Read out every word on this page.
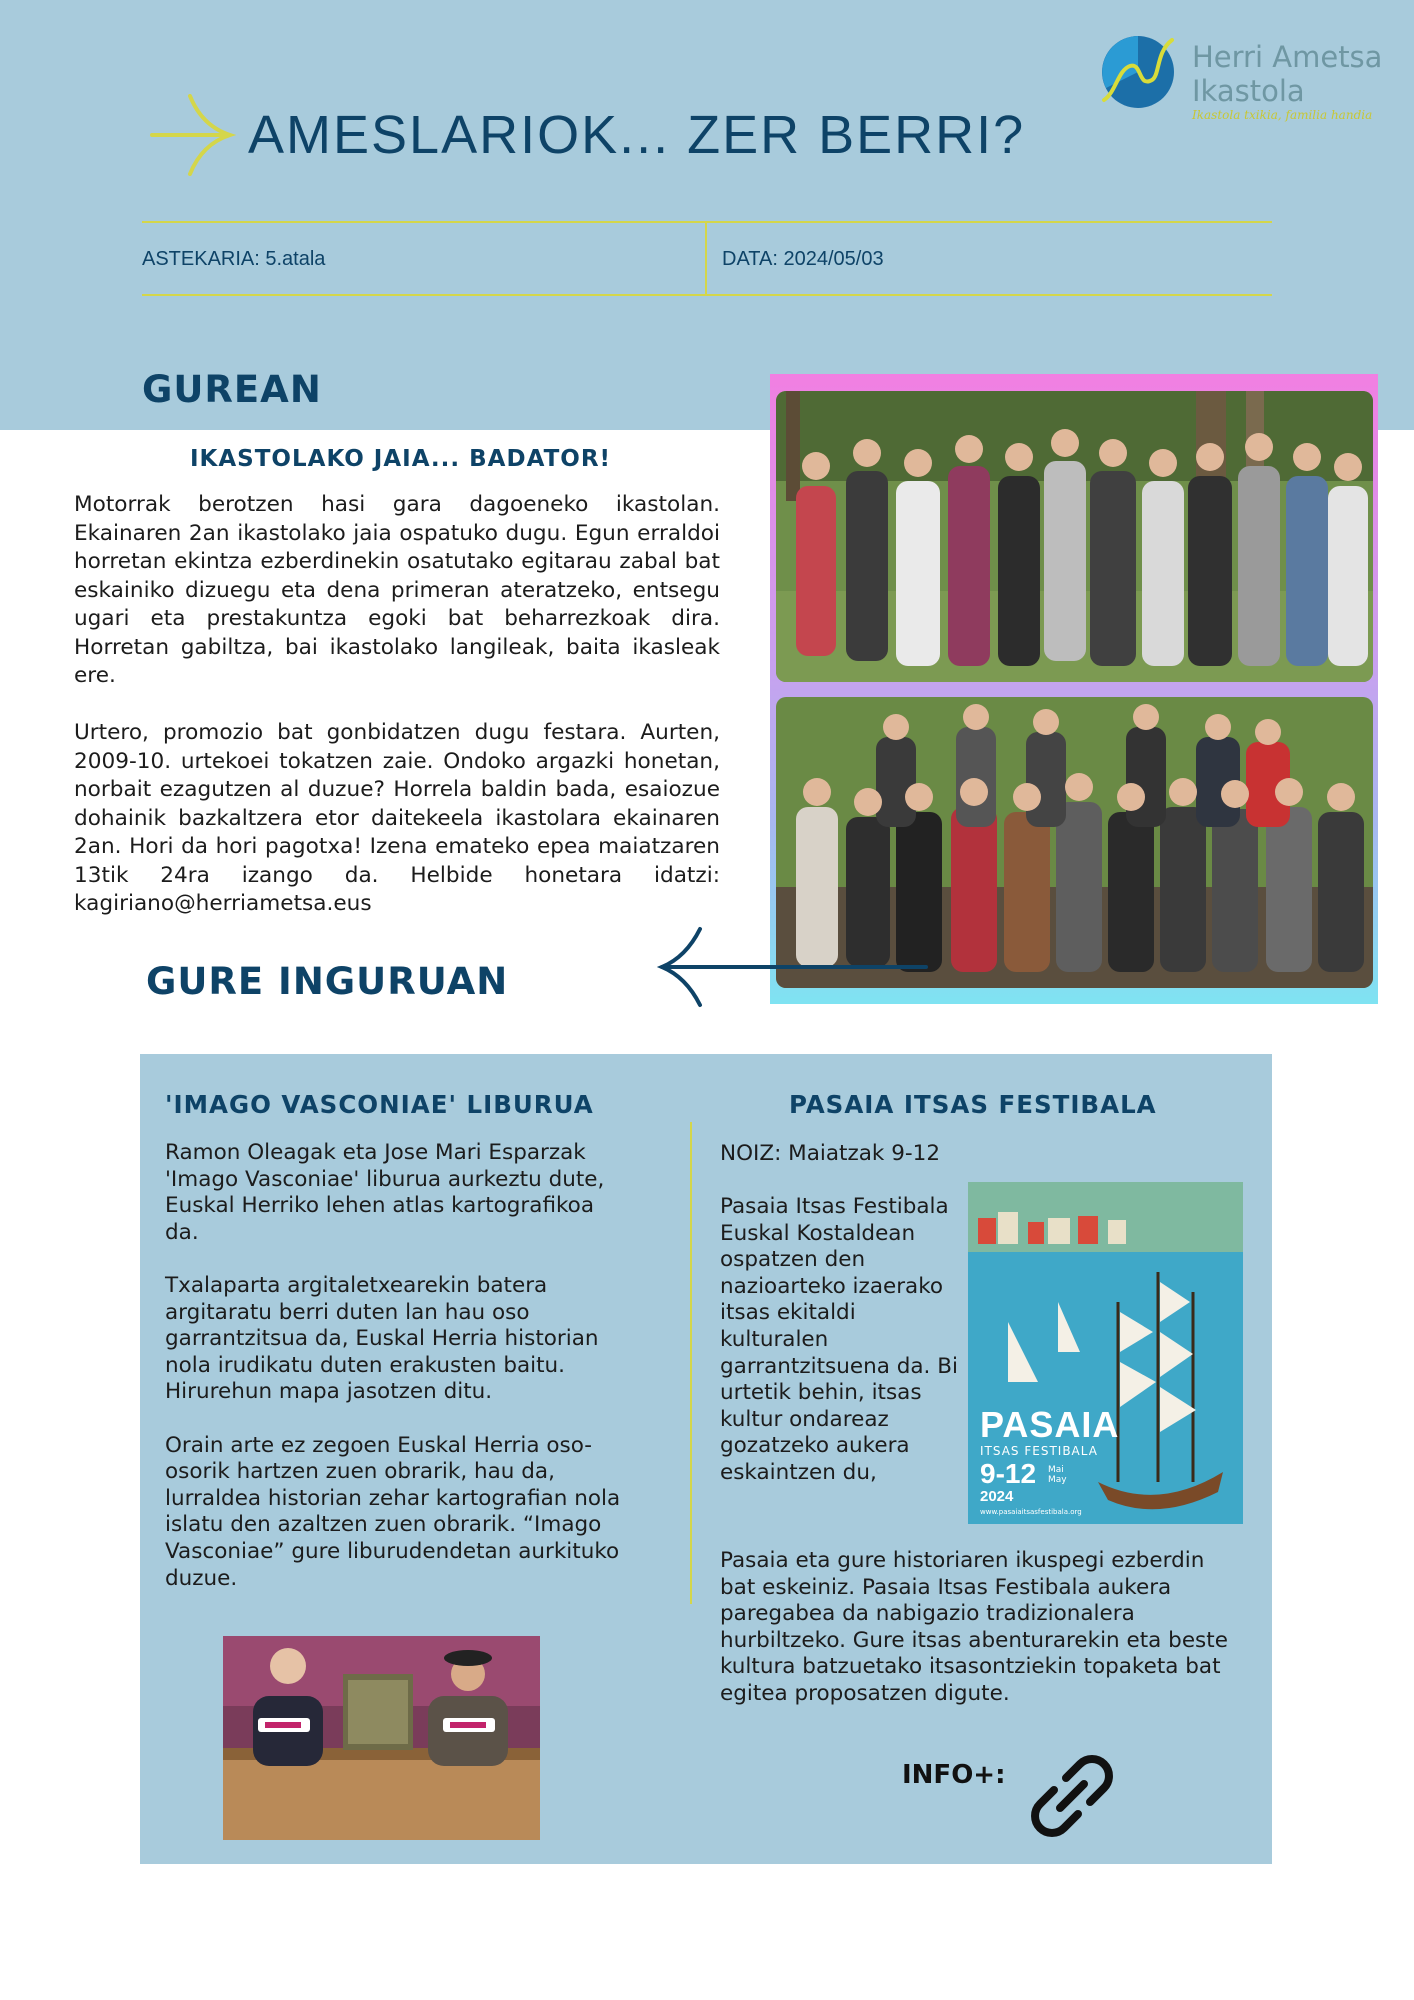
AMESLARIOK... ZER BERRI?
Herri Ametsa
Ikastola
Ikastola txikia, familia handia
ASTEKARIA: 5.atala	DATA: 2024/05/03
GUREAN
IKASTOLAKO JAIA... BADATOR!

Motorrak berotzen hasi gara dagoeneko ikastolan. Ekainaren 2an ikastolako jaia ospatuko dugu. Egun erraldoi horretan ekintza ezberdinekin osatutako egitarau zabal bat eskainiko dizuegu eta dena primeran ateratzeko, entsegu ugari eta prestakuntza egoki bat beharrezkoak dira. Horretan gabiltza, bai ikastolako langileak, baita ikasleak ere.

Urtero, promozio bat gonbidatzen dugu festara. Aurten, 2009-10. urtekoei tokatzen zaie. Ondoko argazki honetan, norbait ezagutzen al duzue? Horrela baldin bada, esaiozue dohainik bazkaltzera etor daitekeela ikastolara ekainaren 2an. Hori da hori pagotxa! Izena emateko epea maiatzaren 13tik 24ra izango da. Helbide honetara idatzi: kagiriano@herriametsa.eus

GURE INGURUAN
'IMAGO VASCONIAE' LIBURUA

Ramon Oleagak eta Jose Mari Esparzak 'Imago Vasconiae' liburua aurkeztu dute, Euskal Herriko lehen atlas kartografikoa da.

Txalaparta argitaletxearekin batera argitaratu berri duten lan hau oso garrantzitsua da, Euskal Herria historian nola irudikatu duten erakusten baitu. Hirurehun mapa jasotzen ditu.

Orain arte ez zegoen Euskal Herria oso-osorik hartzen zuen obrarik, hau da, lurraldea historian zehar kartografian nola islatu den azaltzen zuen obrarik. “Imago Vasconiae” gure liburudendetan aurkituko duzue.

PASAIA ITSAS FESTIBALA
NOIZ: Maiatzak 9-12
Pasaia Itsas Festibala Euskal Kostaldean ospatzen den nazioarteko izaerako itsas ekitaldi kulturalen garrantzitsuena da. Bi urtetik behin, itsas kultur ondareaz gozatzeko aukera eskaintzen du,
Pasaia eta gure historiaren ikuspegi ezberdin bat eskeiniz. Pasaia Itsas Festibala aukera paregabea da nabigazio tradizionalera hurbiltzeko. Gure itsas abenturarekin eta beste kultura batzuetako itsasontziekin topaketa bat egitea proposatzen digute.
PASAIA
ITSAS FESTIBALA
9-12 Mai May
2024
www.pasaiaitsasfestibala.org
INFO+:
